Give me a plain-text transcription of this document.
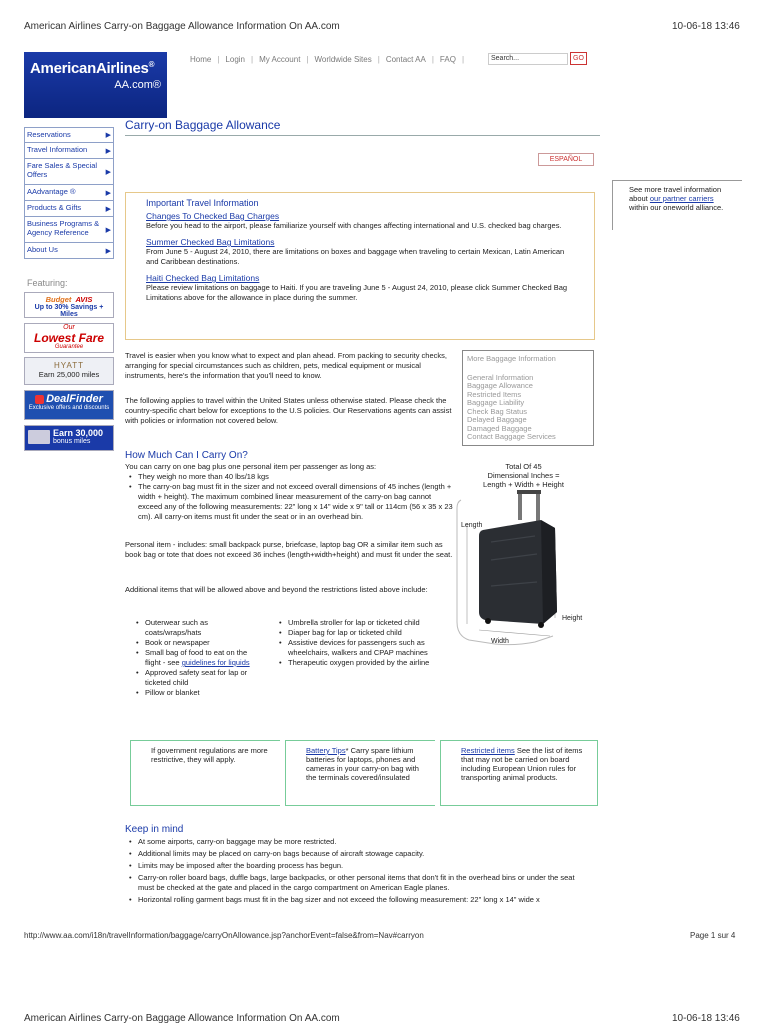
American Airlines Carry-on Baggage Allowance Information On AA.com	10-06-18 13:46
AmericanAirlines®
AA.com®
Home | Login | My Account | Worldwide Sites | Contact AA | FAQ |	Search...	GO
Reservations	▶
Travel Information	▶
Fare Sales & Special Offers	▶
AAdvantage ®	▶
Products & Gifts	▶
Business Programs & Agency Reference ▶
About Us	▶
Featuring:
Budget AVIS
Up to 30% Savings + Miles
Our
Lowest Fare
Guarantee
HYATT
Earn 25,000 miles
DealFinder
Exclusive offers and discounts
Earn 30,000
bonus miles
Carry-on Baggage Allowance
ESPAÑOL
Important Travel Information
Changes To Checked Bag Charges

Before you head to the airport, please familiarize yourself with changes affecting international and U.S. checked bag charges.

Summer Checked Bag Limitations

From June 5 - August 24, 2010, there are limitations on boxes and baggage when traveling to certain Mexican, Latin American and Caribbean destinations.

Haiti Checked Bag Limitations

Please review limitations on baggage to Haiti. If you are traveling June 5 - August 24, 2010, please click Summer Checked Bag Limitations above for the allowance in place during the summer.

See more travel information about our partner carriers within our oneworld alliance.

Travel is easier when you know what to expect and plan ahead. From packing to security checks, arranging for special circumstances such as children, pets, medical equipment or musical instruments, here's the information that you'll need to know.

The following applies to travel within the United States unless otherwise stated. Please check the country-specific chart below for exceptions to the U.S policies. Our Reservations agents can assist with policies or information not covered below.

More Baggage Information
General Information
Baggage Allowance
Restricted Items
Baggage Liability
Check Bag Status
Delayed Baggage
Damaged Baggage
Contact Baggage Services
How Much Can I Carry On?

You can carry on one bag plus one personal item per passenger as long as:

• They weigh no more than 40 lbs/18 kgs
• The carry-on bag must fit in the sizer and not exceed overall dimensions of 45 inches (length + width + height). The maximum combined linear measurement of the carry-on bag cannot exceed any of the following measurements: 22" long x 14" wide x 9" tall or 114cm (56 x 35 x 23 cm). All carry-on items must fit under the seat or in an overhead bin.

Personal item - includes: small backpack purse, briefcase, laptop bag OR a similar item such as book bag or tote that does not exceed 36 inches (length+width+height) and must fit under the seat.

Additional items that will be allowed above and beyond the restrictions listed above include:

• Outerwear such as coats/wraps/hats
• Book or newspaper
• Small bag of food to eat on the flight - see guidelines for liquids
• Approved safety seat for lap or ticketed child
• Pillow or blanket
• Umbrella stroller for lap or ticketed child
• Diaper bag for lap or ticketed child
• Assistive devices for passengers such as wheelchairs, walkers and CPAP machines
• Therapeutic oxygen provided by the airline
Total Of 45
Dimensional Inches =
Length + Width + Height
Length
Height
Width
If government regulations are more restrictive, they will apply.
Battery Tips* Carry spare lithium batteries for laptops, phones and cameras in your carry-on bag with the terminals covered/insulated
Restricted items See the list of items that may not be carried on board including European Union rules for transporting animal products.
Keep in mind
• At some airports, carry-on baggage may be more restricted.
• Additional limits may be placed on carry-on bags because of aircraft stowage capacity.
• Limits may be imposed after the boarding process has begun.
• Carry-on roller board bags, duffle bags, large backpacks, or other personal items that don't fit in the overhead bins or under the seat must be checked at the gate and placed in the cargo compartment on American Eagle planes.
• Horizontal rolling garment bags must fit in the bag sizer and not exceed the following measurement: 22" long x 14" wide x
http://www.aa.com/i18n/travelInformation/baggage/carryOnAllowance.jsp?anchorEvent=false&from=Nav#carryon	Page 1 sur 4
American Airlines Carry-on Baggage Allowance Information On AA.com	10-06-18 13:46
